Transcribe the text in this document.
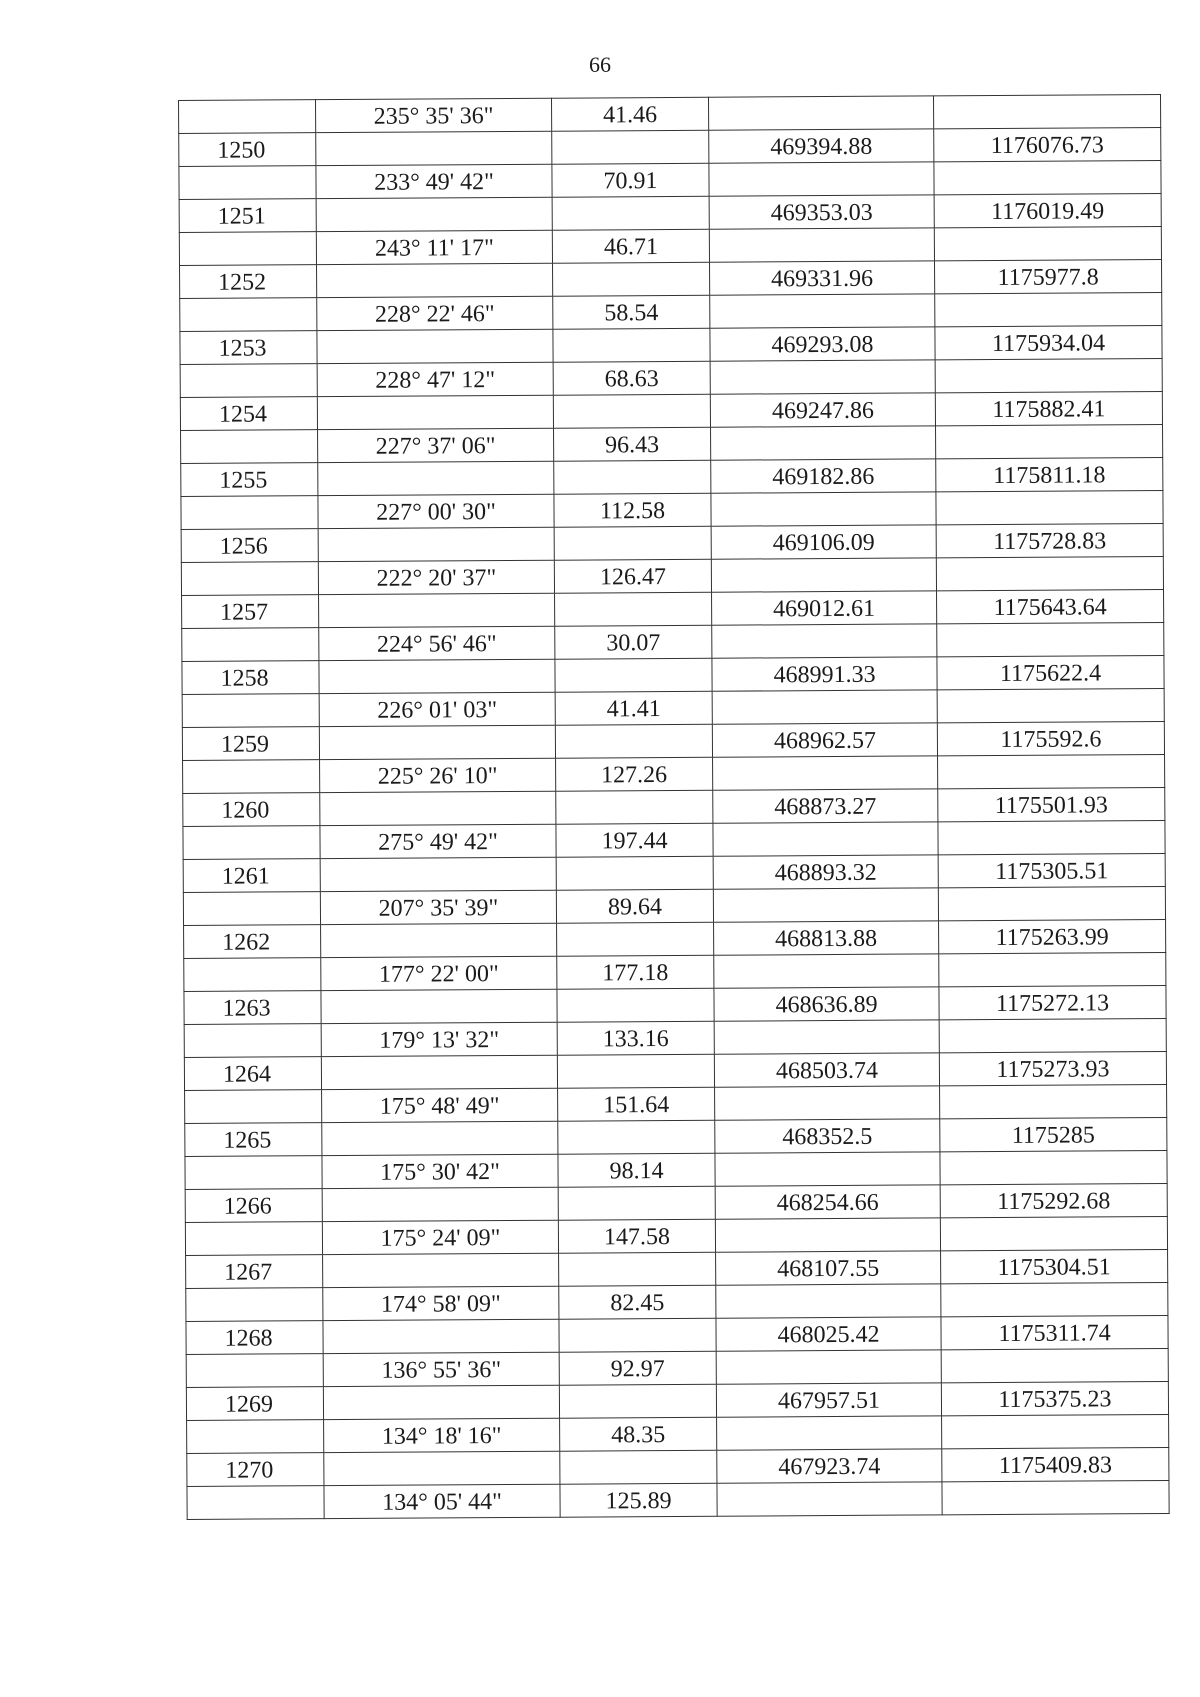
66
	235° 35' 36"	41.46		
1250			469394.88	1176076.73
	233° 49' 42"	70.91		
1251			469353.03	1176019.49
	243° 11' 17"	46.71		
1252			469331.96	1175977.8
	228° 22' 46"	58.54		
1253			469293.08	1175934.04
	228° 47' 12"	68.63		
1254			469247.86	1175882.41
	227° 37' 06"	96.43		
1255			469182.86	1175811.18
	227° 00' 30"	112.58		
1256			469106.09	1175728.83
	222° 20' 37"	126.47		
1257			469012.61	1175643.64
	224° 56' 46"	30.07		
1258			468991.33	1175622.4
	226° 01' 03"	41.41		
1259			468962.57	1175592.6
	225° 26' 10"	127.26		
1260			468873.27	1175501.93
	275° 49' 42"	197.44		
1261			468893.32	1175305.51
	207° 35' 39"	89.64		
1262			468813.88	1175263.99
	177° 22' 00"	177.18		
1263			468636.89	1175272.13
	179° 13' 32"	133.16		
1264			468503.74	1175273.93
	175° 48' 49"	151.64		
1265			468352.5	1175285
	175° 30' 42"	98.14		
1266			468254.66	1175292.68
	175° 24' 09"	147.58		
1267			468107.55	1175304.51
	174° 58' 09"	82.45		
1268			468025.42	1175311.74
	136° 55' 36"	92.97		
1269			467957.51	1175375.23
	134° 18' 16"	48.35		
1270			467923.74	1175409.83
	134° 05' 44"	125.89		
